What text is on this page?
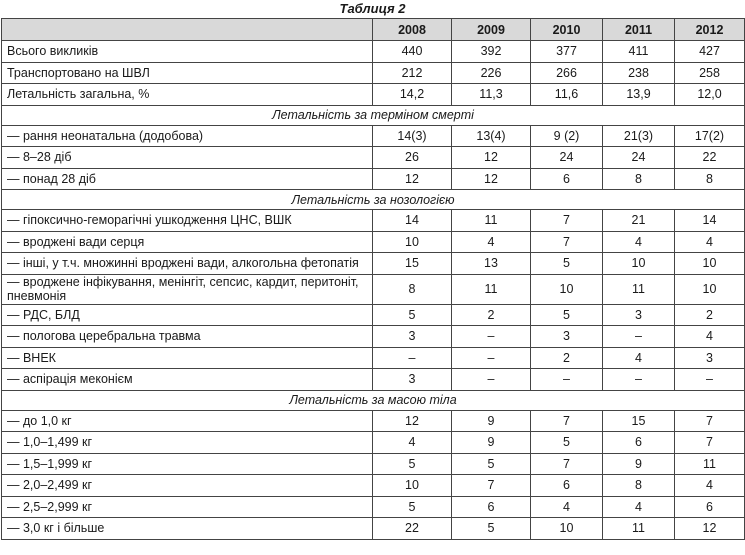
Таблиця 2
	2008	2009	2010	2011	2012
Всього викликів	440	392	377	411	427
Транспортовано на ШВЛ	212	226	266	238	258
Летальність загальна, %	14,2	11,3	11,6	13,9	12,0
Летальність за терміном смерті					
— рання неонатальна (додобова)	14(3)	13(4)	9 (2)	21(3)	17(2)
— 8–28 діб	26	12	24	24	22
— понад 28 діб	12	12	6	8	8
Летальність за нозологією					
— гіпоксично-геморагічні ушкодження ЦНС, ВШК	14	11	7	21	14
— вроджені вади серця	10	4	7	4	4
— інші, у т.ч. множинні вроджені вади, алкогольна фетопатія	15	13	5	10	10
— вроджене інфікування, менінгіт, сепсис, кардит, перитоніт, пневмонія	8	11	10	11	10
— РДС, БЛД	5	2	5	3	2
— пологова церебральна травма	3	–	3	–	4
— ВНЕК	–	–	2	4	3
— аспірація меконієм	3	–	–	–	–
Летальність за масою тіла					
— до 1,0 кг	12	9	7	15	7
— 1,0–1,499 кг	4	9	5	6	7
— 1,5–1,999 кг	5	5	7	9	11
— 2,0–2,499 кг	10	7	6	8	4
— 2,5–2,999 кг	5	6	4	4	6
— 3,0 кг і більше	22	5	10	11	12
